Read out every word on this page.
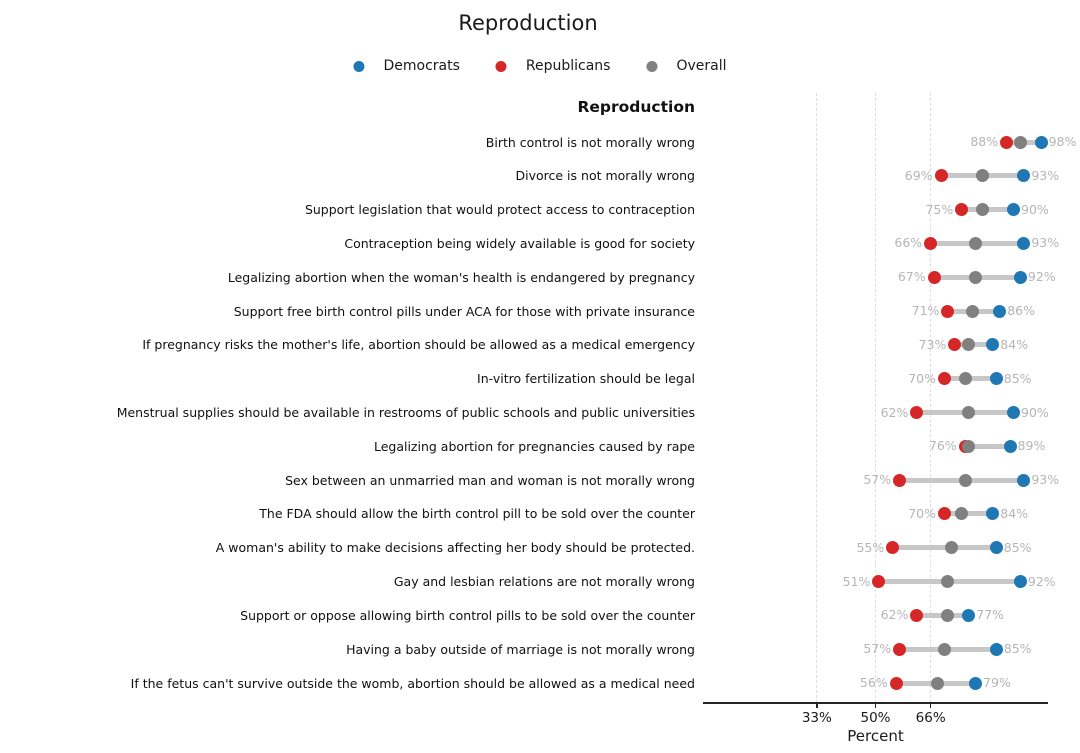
Reproduction
Democrats	Republicans	Overall
Reproduction
33%	50%	66%
Percent
Birth control is not morally wrong	88%	98%
Divorce is not morally wrong	69%	93%
Support legislation that would protect access to contraception	75%	90%
Contraception being widely available is good for society	66%	93%
Legalizing abortion when the woman's health is endangered by pregnancy	67%	92%
Support free birth control pills under ACA for those with private insurance	71%	86%
If pregnancy risks the mother's life, abortion should be allowed as a medical emergency	73%	84%
In-vitro fertilization should be legal	70%	85%
Menstrual supplies should be available in restrooms of public schools and public universities	62%	90%
Legalizing abortion for pregnancies caused by rape	76%	89%
Sex between an unmarried man and woman is not morally wrong	57%	93%
The FDA should allow the birth control pill to be sold over the counter	70%	84%
A woman's ability to make decisions affecting her body should be protected.	55%	85%
Gay and lesbian relations are not morally wrong	51%	92%
Support or oppose allowing birth control pills to be sold over the counter	62%	77%
Having a baby outside of marriage is not morally wrong	57%	85%
If the fetus can't survive outside the womb, abortion should be allowed as a medical need	56%	79%
